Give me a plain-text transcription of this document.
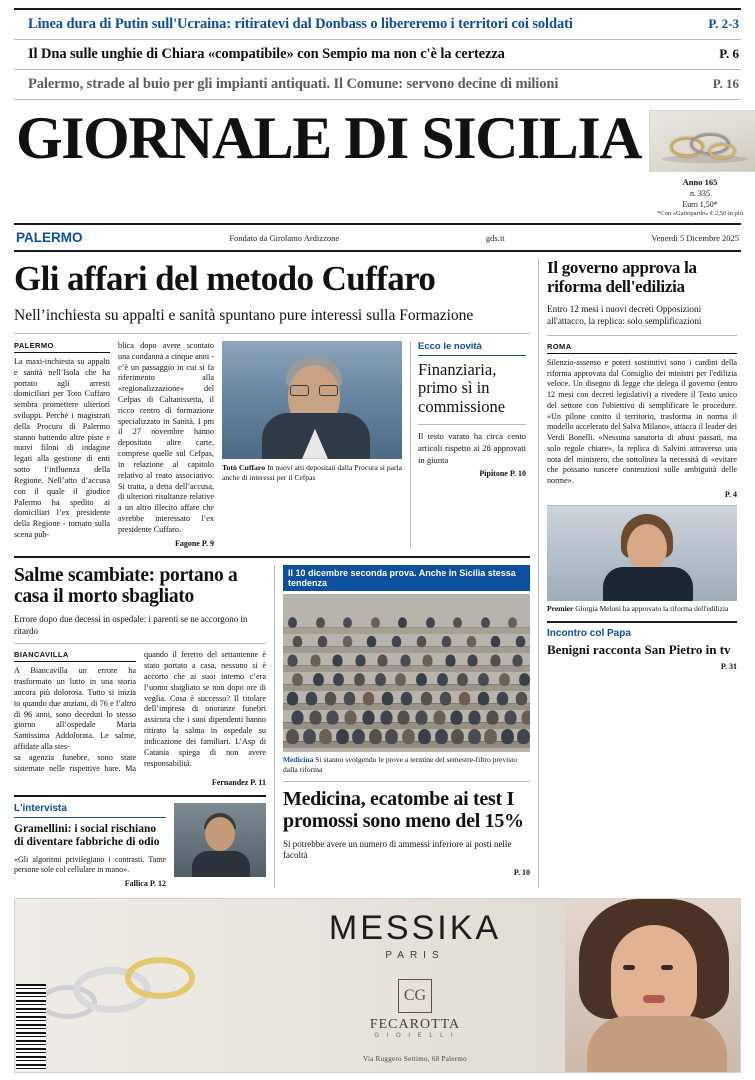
Linea dura di Putin sull'Ucraina: ritiratevi dal Donbass o libereremo i territori coi soldati	P. 2-3
Il Dna sulle unghie di Chiara «compatibile» con Sempio ma non c'è la certezza	P. 6
Palermo, strade al buio per gli impianti antiquati. Il Comune: servono decine di milioni	P. 16
GIORNALE DI SICILIA
Anno 165
n. 335
Euro 1,50*
*Con «Gattopardo» € 2,50 in più
PALERMO	Fondato da Girolamo Ardizzone	gds.it	Venerdì 5 Dicembre 2025
Gli affari del metodo Cuffaro
Nell’inchiesta su appalti e sanità spuntano pure interessi sulla Formazione
PALERMO
La maxi-inchiesta su appalti e sanità nell’Isola che ha portato agli arresti domiciliari per Toto Cuffaro sembra promettere ulteriori sviluppi. Perché i magistrati della Procura di Palermo stanno battendo altre piste e nuovi filoni di indagine legati alla gestione di enti sotto l’influenza della Regione. Nell’atto d’accusa con il quale il giudice Palermo ha spedito ai domiciliari l’ex presidente della Regione - tornato sulla scena pub-
blica dopo avere scontato una condanna a cinque anni - c’è un passaggio in cui si fa riferimento alla «regionalizzazione» del Cefpas di Caltanissetta, il ricco centro di formazione specializzato in Sanità. I pm il 27 novembre hanno depositato altre carte, comprese quelle sul Cefpas, in relazione al capitolo relativo al reato associativo. Si tratta, a detta dell’accusa, di ulteriori risultanze relative a un altro illecito affare che avrebbe interessato l’ex presidente Cuffaro.
Fagone P. 9
Totò Cuffaro In nuovi atti depositati dalla Procura si parla anche di interessi per il Cefpas
Ecco le novità
Finanziaria, primo sì in commissione
Il testo varato ha circa cento articoli rispetto ai 28 approvati in giunta
Pipitone P. 10
Salme scambiate: portano a casa il morto sbagliato
Errore dopo due decessi in ospedale: i parenti se ne accorgono in ritardo
BIANCAVILLA
A Biancavilla un errore ha trasformato un lutto in una storia ancora più dolorosa. Tutto si inizia to quando due anziani, di 76 e l’altro di 96 anni, sono deceduti lo stesso giorno all’ospedale Maria Santissima Addolorata. Le salme, affidate alla stes-
sa agenzia funebre, sono state sistemate nelle rispettive bare. Ma quando il feretro del settantenne è stato portato a casa, nessuno si è accorto che ai suoi interno c’era l’uomo sbagliato se non dopo ore di veglia. Cosa è successo? Il titolare dell’impresa di onoranze funebri assicura che i suoi dipendenti hanno ritirato la salma in ospedale su indicazione dei familiari. L’Asp di Catania spiega di non avere responsabilità.
Fernandez P. 11
L'intervista
Gramellini: i social rischiano di diventare fabbriche di odio
«Gli algoritmi privilegiano i contrasti. Tante persone sole col cellulare in mano».
Fallica P. 12
Il 10 dicembre seconda prova. Anche in Sicilia stessa tendenza
Medicina Si stanno svolgendo le prove a termine del semestre-filtro previsto dalla riforma
Medicina, ecatombe ai test I promossi sono meno del 15%
Si potrebbe avere un numero di ammessi inferiore ai posti nelle facoltà
P. 10
Il governo approva la riforma dell'edilizia
Entro 12 mesi i nuovi decreti Opposizioni all'attacco, la replica: solo semplificazioni
ROMA
Silenzio-assenso e poteri sostitutivi sono i cardini della riforma approvata dal Consiglio dei ministri per l'edilizia veloce. Un disegno di legge che delega il governo (entro 12 mesi con decreti legislativi) a rivedere il Testo unico del settore con l'obiettivo di semplificare le procedure. «Un pilone contro il territorio, trasforma in norma il modello accelerato del Salva Milano», attacca il leader dei Verdi Bonelli. «Nessuna sanatoria di abusi passati, ma solo regole chiare», la replica di Salvini attraverso una nota del ministero, che sottolinea la necessità di «evitare che possano nascere contenziosi sulle ambiguità delle norme».
P. 4
Premier Giorgia Meloni ha approvato la riforma dell'edilizia
Incontro col Papa
Benigni racconta San Pietro in tv
P. 31
MESSIKA
PARIS
CG
FECAROTTA
G I O I E L L I
Via Ruggero Settimo, 68 Palermo
